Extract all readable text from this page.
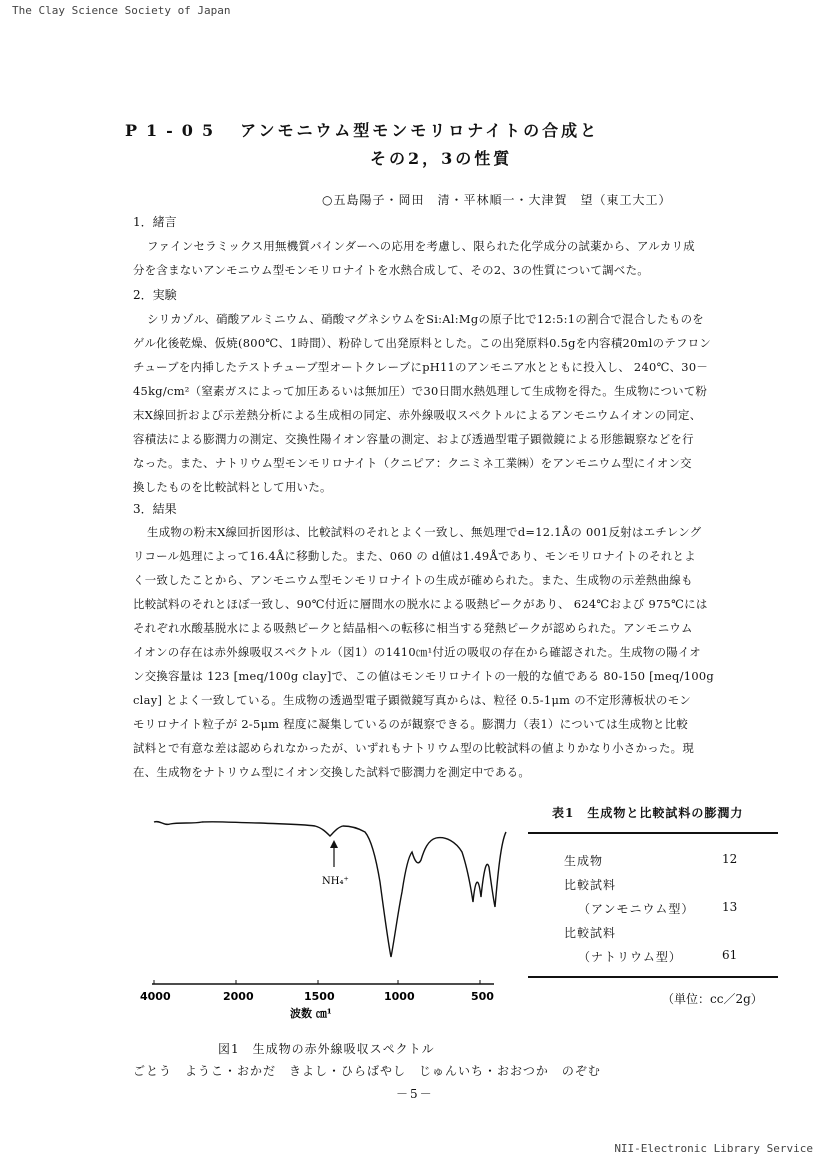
The Clay Science Society of Japan
P1-05 アンモニウム型モンモリロナイトの合成と
その2，3の性質
○五島陽子・岡田　清・平林順一・大津賀　望（東工大工）
1．緒言
ファインセラミックス用無機質バインダーへの応用を考慮し、限られた化学成分の試薬から、アルカリ成
分を含まないアンモニウム型モンモリロナイトを水熱合成して、その2、3の性質について調べた。
2．実験
シリカゾル、硝酸アルミニウム、硝酸マグネシウムをSi:Al:Mgの原子比で12:5:1の割合で混合したものを
ゲル化後乾燥、仮焼(800℃、1時間）、粉砕して出発原料とした。この出発原料0.5gを内容積20mlのテフロン
チューブを内挿したテストチューブ型オートクレーブにpH11のアンモニア水とともに投入し、 240℃、30－
45kg/cm²（窒素ガスによって加圧あるいは無加圧）で30日間水熱処理して生成物を得た。生成物について粉
末X線回折および示差熱分析による生成相の同定、赤外線吸収スペクトルによるアンモニウムイオンの同定、
容積法による膨潤力の測定、交換性陽イオン容量の測定、および透過型電子顕微鏡による形態観察などを行
なった。また、ナトリウム型モンモリロナイト（クニピア：クニミネ工業㈱）をアンモニウム型にイオン交
換したものを比較試料として用いた。
3．結果
生成物の粉末X線回折図形は、比較試料のそれとよく一致し、無処理でd=12.1Åの 001反射はエチレング
リコール処理によって16.4Åに移動した。また、060 の d値は1.49Åであり、モンモリロナイトのそれとよ
く一致したことから、アンモニウム型モンモリロナイトの生成が確められた。また、生成物の示差熱曲線も
比較試料のそれとほぼ一致し、90℃付近に層間水の脱水による吸熱ピークがあり、 624℃および 975℃には
それぞれ水酸基脱水による吸熱ピークと結晶相への転移に相当する発熱ピークが認められた。アンモニウム
イオンの存在は赤外線吸収スペクトル（図1）の1410㎝¹付近の吸収の存在から確認された。生成物の陽イオ
ン交換容量は 123 [meq/100g clay]で、この値はモンモリロナイトの一般的な値である 80-150 [meq/100g
clay] とよく一致している。生成物の透過型電子顕微鏡写真からは、粒径 0.5-1μm の不定形薄板状のモン
モリロナイト粒子が 2-5μm 程度に凝集しているのが観察できる。膨潤力（表1）については生成物と比較
試料とで有意な差は認められなかったが、いずれもナトリウム型の比較試料の値よりかなり小さかった。現
在、生成物をナトリウム型にイオン交換した試料で膨潤力を測定中である。
NH₄⁺
4000	2000	1500	1000	500
波数 ㎝¹
図1　生成物の赤外線吸収スペクトル
表1　生成物と比較試料の膨潤力
生成物	12
比較試料
（アンモニウム型） 13
比較試料
（ナトリウム型）	61
（単位：cc／2g）
ごとう　ようこ・おかだ　きよし・ひらばやし　じゅんいち・おおつか　のぞむ
－5－
NII-Electronic Library Service
